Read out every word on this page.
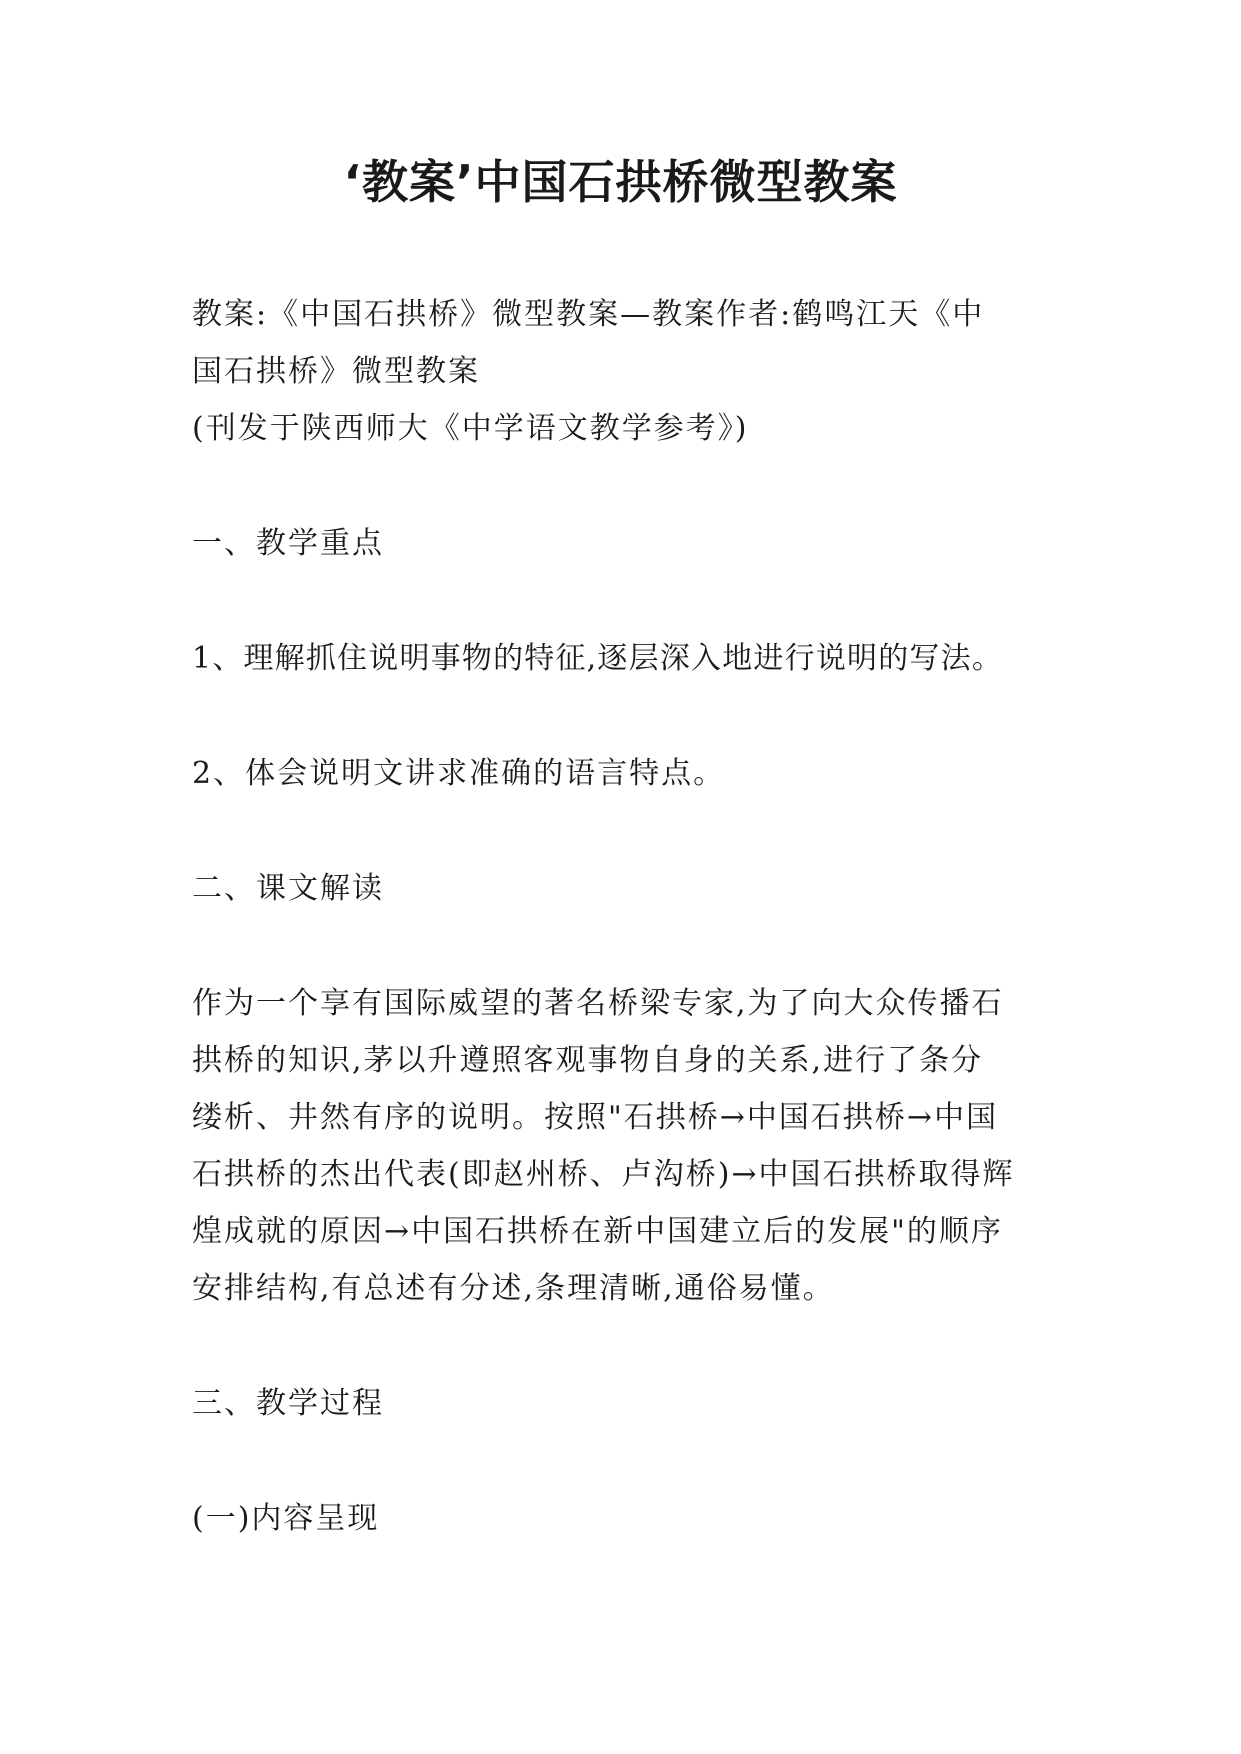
‘教案’中国石拱桥微型教案

教案:《中国石拱桥》微型教案—教案作者:鹤鸣江天《中

国石拱桥》微型教案

(刊发于陕西师大《中学语文教学参考》)

一、教学重点

1、理解抓住说明事物的特征,逐层深入地进行说明的写法。

2、体会说明文讲求准确的语言特点。

二、课文解读

作为一个享有国际威望的著名桥梁专家,为了向大众传播石

拱桥的知识,茅以升遵照客观事物自身的关系,进行了条分

缕析、井然有序的说明。按照"石拱桥→中国石拱桥→中国

石拱桥的杰出代表(即赵州桥、卢沟桥)→中国石拱桥取得辉

煌成就的原因→中国石拱桥在新中国建立后的发展"的顺序

安排结构,有总述有分述,条理清晰,通俗易懂。

三、教学过程

(一)内容呈现
